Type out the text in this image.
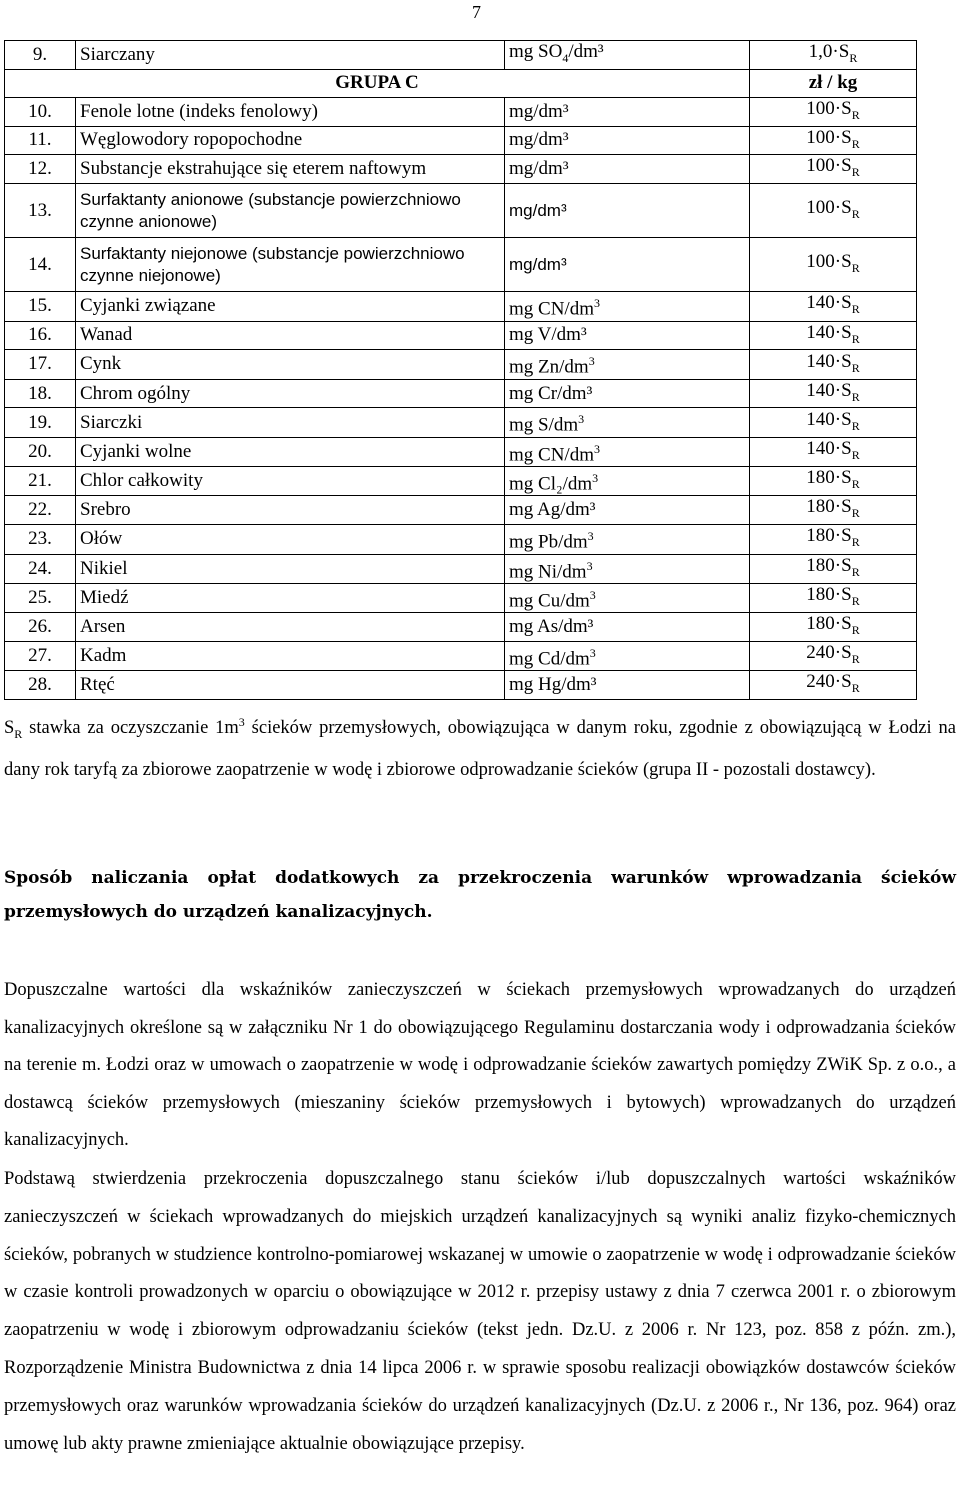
7
9.	Siarczany	mg $SO_4$/dm³	$1,0\cdot S_R$
GRUPA C			zł / kg
10.	Fenole lotne (indeks fenolowy)	mg/dm³	$100\cdot S_R$
11.	Węglowodory ropopochodne	mg/dm³	$100\cdot S_R$
12.	Substancje ekstrahujące się eterem naftowym	mg/dm³	$100\cdot S_R$
13.	Surfaktanty anionowe (substancje powierzchniowo czynne anionowe)	mg/dm³	$100\cdot S_R$
14.	Surfaktanty niejonowe (substancje powierzchniowo czynne niejonowe)	mg/dm³	$100\cdot S_R$
15.	Cyjanki związane	mg $CN/dm^3$	$140\cdot S_R$
16.	Wanad	mg V/dm³	$140\cdot S_R$
17.	Cynk	mg $Zn/dm^3$	$140\cdot S_R$
18.	Chrom ogólny	mg Cr/dm³	$140\cdot S_R$
19.	Siarczki	mg $S/dm^3$	$140\cdot S_R$
20.	Cyjanki wolne	mg $CN/dm^3$	$140\cdot S_R$
21.	Chlor całkowity	mg Cl₂/$dm^3$	$180\cdot S_R$
22.	Srebro	mg Ag/dm³	$180\cdot S_R$
23.	Ołów	mg $Pb/dm^3$	$180\cdot S_R$
24.	Nikiel	mg $Ni/dm^3$	$180\cdot S_R$
25.	Miedź	mg $Cu/dm^3$	$180\cdot S_R$
26.	Arsen	mg As/dm³	$180\cdot S_R$
27.	Kadm	mg $Cd/dm^3$	$240\cdot S_R$
28.	Rtęć	mg Hg/dm³	$240\cdot S_R$

$S_R$ stawka za oczyszczanie $1m^3$ ścieków przemysłowych, obowiązująca w danym roku, zgodnie z obowiązującą w Łodzi na dany rok taryfą za zbiorowe zaopatrzenie w wodę i zbiorowe odprowadzanie ścieków (grupa II - pozostali dostawcy).

Sposób naliczania opłat dodatkowych za przekroczenia warunków wprowadzania ścieków przemysłowych do urządzeń kanalizacyjnych.

Dopuszczalne wartości dla wskaźników zanieczyszczeń w ściekach przemysłowych wprowadzanych do urządzeń kanalizacyjnych określone są w załączniku Nr 1 do obowiązującego Regulaminu dostarczania wody i odprowadzania ścieków na terenie m. Łodzi oraz w umowach o zaopatrzenie w wodę i odprowadzanie ścieków zawartych pomiędzy ZWiK Sp. z o.o., a dostawcą ścieków przemysłowych (mieszaniny ścieków przemysłowych i bytowych) wprowadzanych do urządzeń kanalizacyjnych.

Podstawą stwierdzenia przekroczenia dopuszczalnego stanu ścieków i/lub dopuszczalnych wartości wskaźników zanieczyszczeń w ściekach wprowadzanych do miejskich urządzeń kanalizacyjnych są wyniki analiz fizyko-chemicznych ścieków, pobranych w studzience kontrolno-pomiarowej wskazanej w umowie o zaopatrzenie w wodę i odprowadzanie ścieków w czasie kontroli prowadzonych w oparciu o obowiązujące w 2012 r. przepisy ustawy z dnia 7 czerwca 2001 r. o zbiorowym zaopatrzeniu w wodę i zbiorowym odprowadzaniu ścieków (tekst jedn. Dz.U. z 2006 r. Nr 123, poz. 858 z późn. zm.), Rozporządzenie Ministra Budownictwa z dnia 14 lipca 2006 r. w sprawie sposobu realizacji obowiązków dostawców ścieków przemysłowych oraz warunków wprowadzania ścieków do urządzeń kanalizacyjnych (Dz.U. z 2006 r., Nr 136, poz. 964) oraz umowę lub akty prawne zmieniające aktualnie obowiązujące przepisy.
